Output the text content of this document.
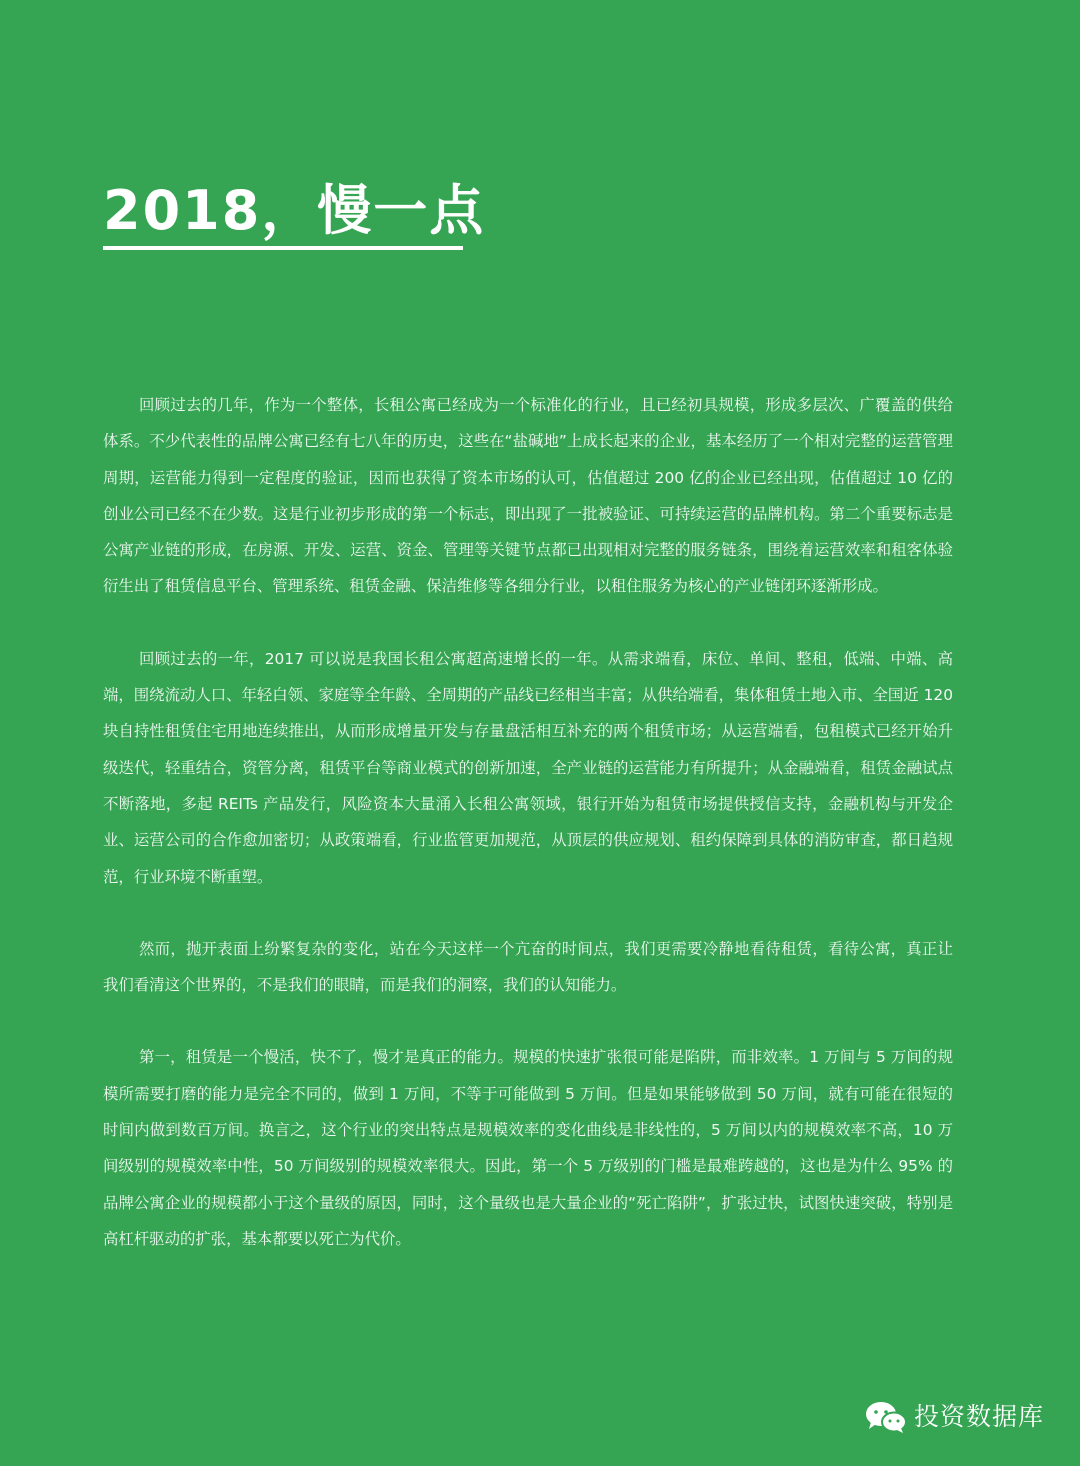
2018，慢一点

回顾过去的几年，作为一个整体，长租公寓已经成为一个标准化的行业，且已经初具规模，形成多层次、广覆盖的供给体系。不少代表性的品牌公寓已经有七八年的历史，这些在“盐碱地”上成长起来的企业，基本经历了一个相对完整的运营管理周期，运营能力得到一定程度的验证，因而也获得了资本市场的认可，估值超过 200 亿的企业已经出现，估值超过 10 亿的创业公司已经不在少数。这是行业初步形成的第一个标志，即出现了一批被验证、可持续运营的品牌机构。第二个重要标志是公寓产业链的形成，在房源、开发、运营、资金、管理等关键节点都已出现相对完整的服务链条，围绕着运营效率和租客体验衍生出了租赁信息平台、管理系统、租赁金融、保洁维修等各细分行业，以租住服务为核心的产业链闭环逐渐形成。

回顾过去的一年，2017 可以说是我国长租公寓超高速增长的一年。从需求端看，床位、单间、整租，低端、中端、高端，围绕流动人口、年轻白领、家庭等全年龄、全周期的产品线已经相当丰富；从供给端看，集体租赁土地入市、全国近 120 块自持性租赁住宅用地连续推出，从而形成增量开发与存量盘活相互补充的两个租赁市场；从运营端看，包租模式已经开始升级迭代，轻重结合，资管分离，租赁平台等商业模式的创新加速，全产业链的运营能力有所提升；从金融端看，租赁金融试点不断落地，多起 REITs 产品发行，风险资本大量涌入长租公寓领域，银行开始为租赁市场提供授信支持，金融机构与开发企业、运营公司的合作愈加密切；从政策端看，行业监管更加规范，从顶层的供应规划、租约保障到具体的消防审查，都日趋规范，行业环境不断重塑。

然而，抛开表面上纷繁复杂的变化，站在今天这样一个亢奋的时间点，我们更需要冷静地看待租赁，看待公寓，真正让我们看清这个世界的，不是我们的眼睛，而是我们的洞察，我们的认知能力。

第一，租赁是一个慢活，快不了，慢才是真正的能力。规模的快速扩张很可能是陷阱，而非效率。1 万间与 5 万间的规模所需要打磨的能力是完全不同的，做到 1 万间，不等于可能做到 5 万间。但是如果能够做到 50 万间，就有可能在很短的时间内做到数百万间。换言之，这个行业的突出特点是规模效率的变化曲线是非线性的，5 万间以内的规模效率不高，10 万间级别的规模效率中性，50 万间级别的规模效率很大。因此，第一个 5 万级别的门槛是最难跨越的，这也是为什么 95% 的品牌公寓企业的规模都小于这个量级的原因，同时，这个量级也是大量企业的“死亡陷阱”，扩张过快，试图快速突破，特别是高杠杆驱动的扩张，基本都要以死亡为代价。

投资数据库
